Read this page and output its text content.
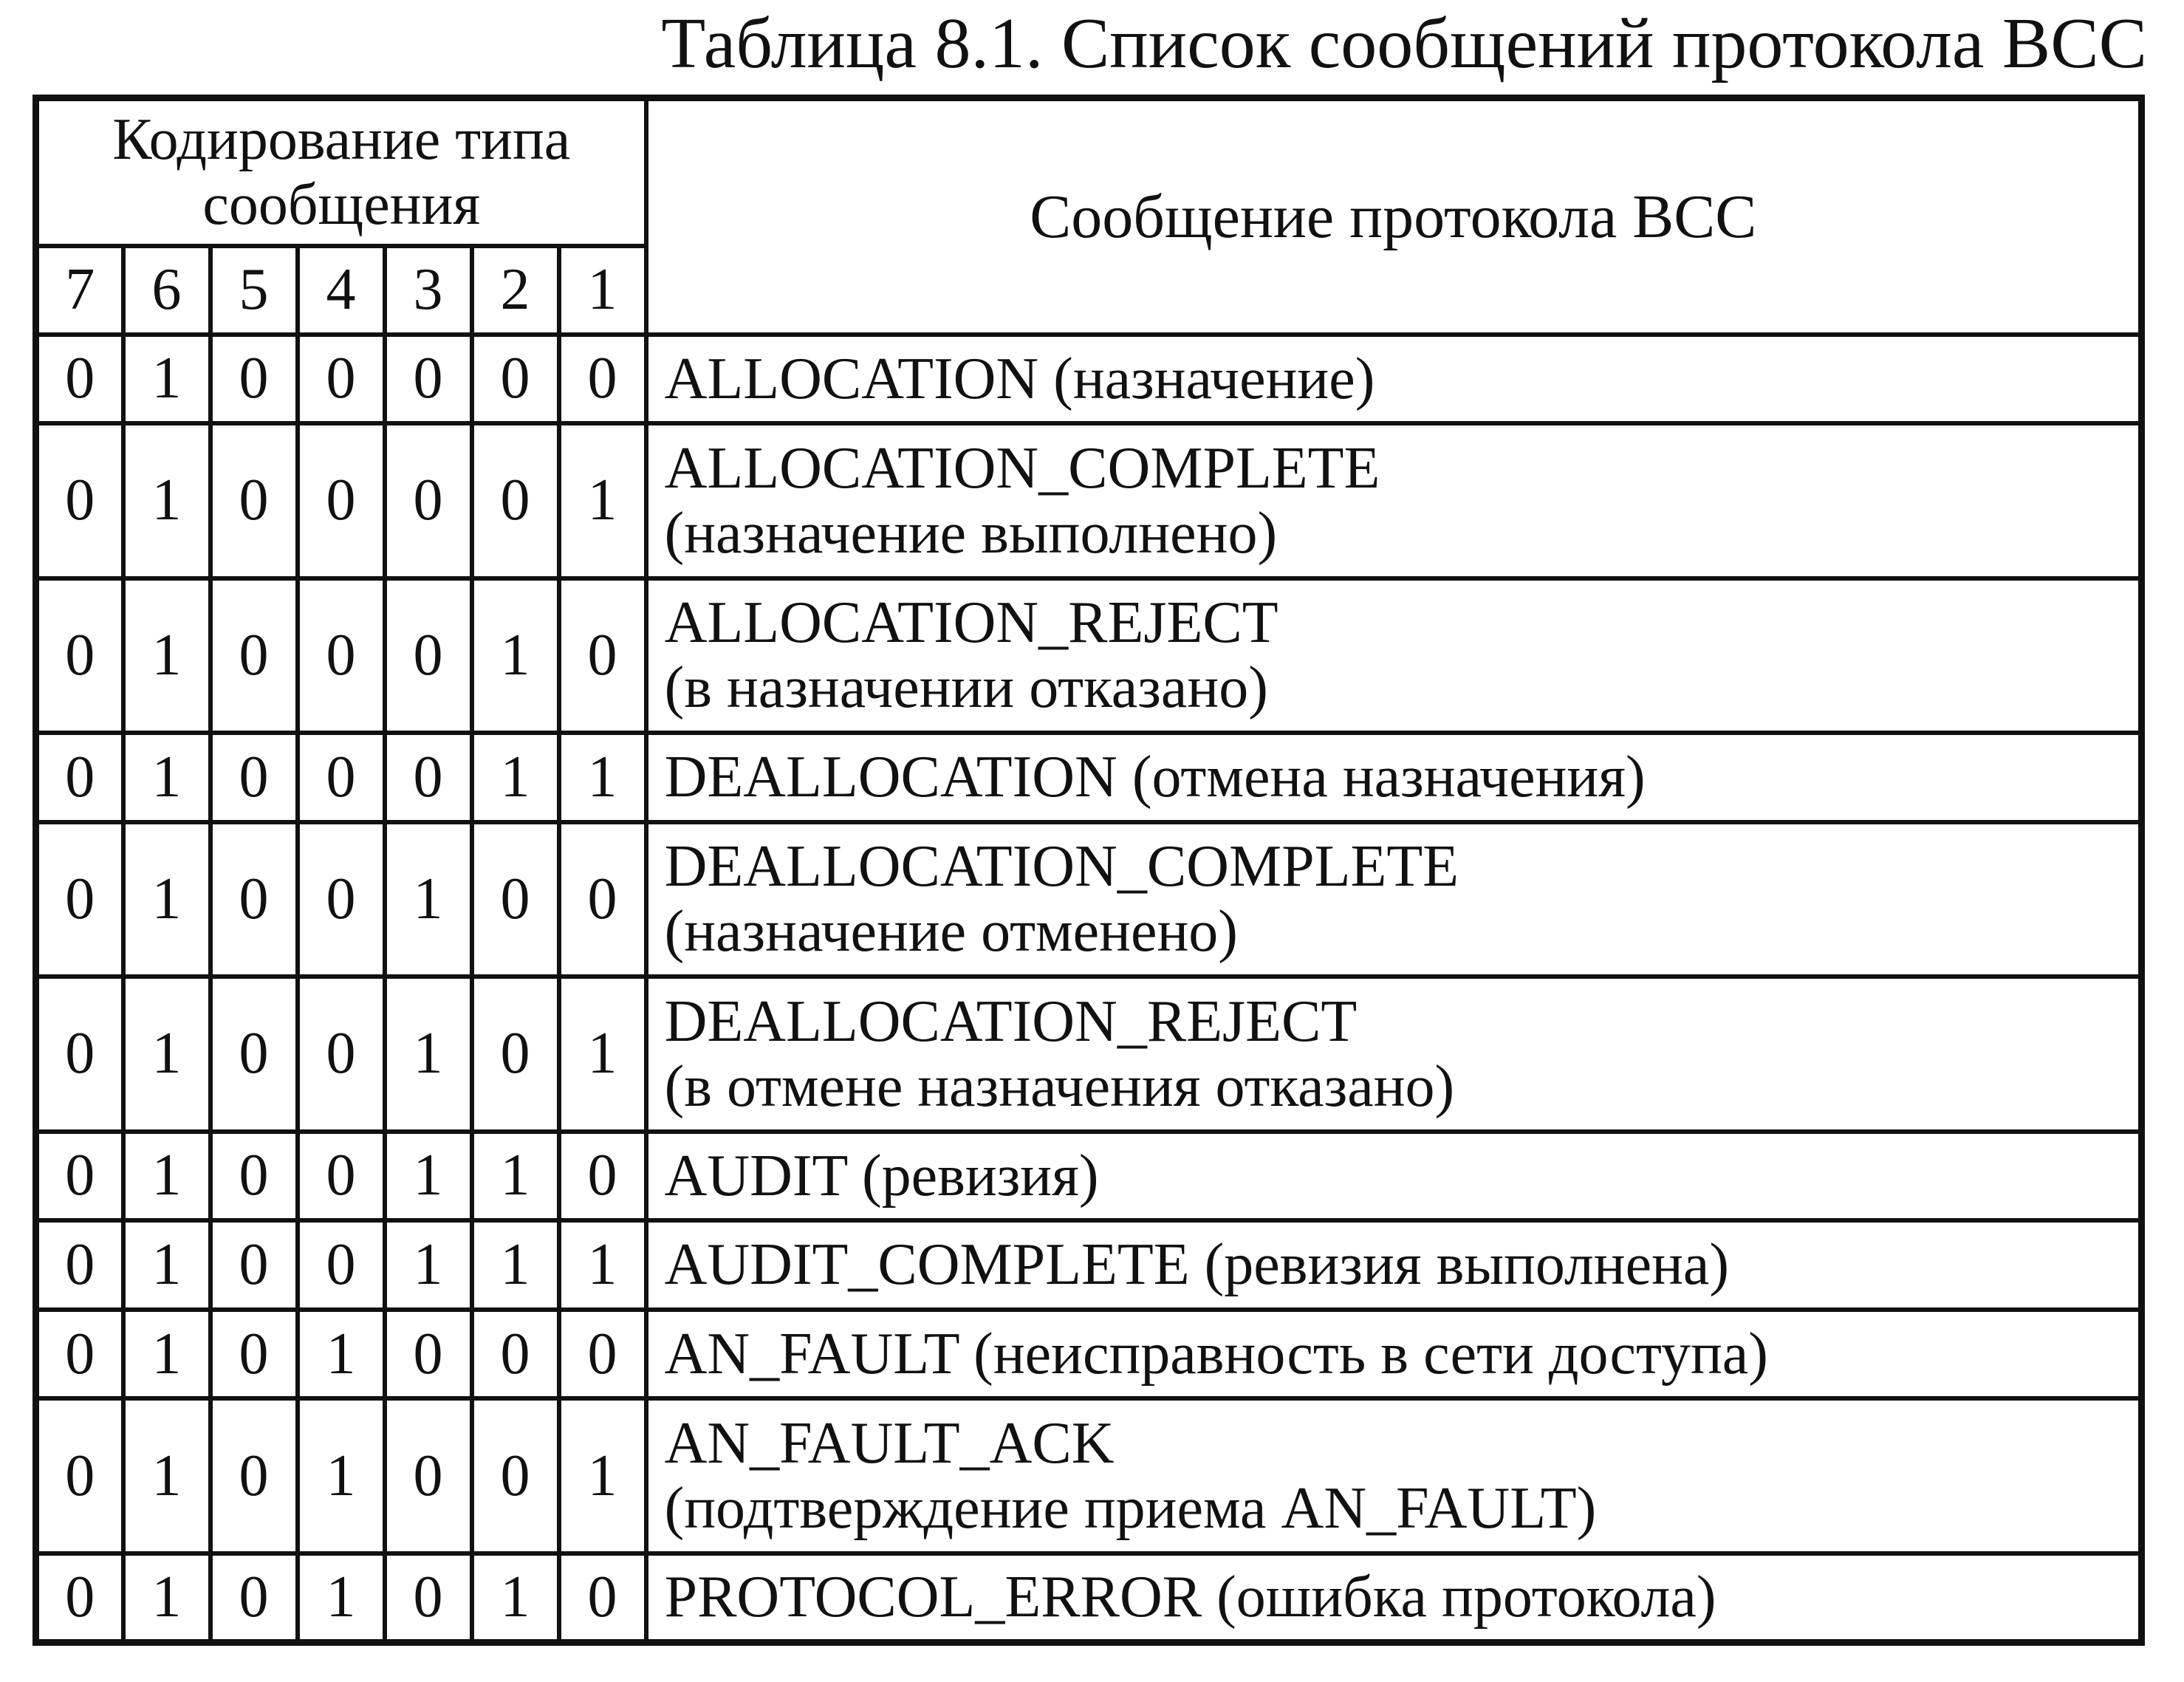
Таблица 8.1. Список сообщений протокола ВСС
Кодирование типа сообщения							Сообщение протокола ВСС
7	6	5	4	3	2	1	
0	1	0	0	0	0	0	ALLOCATION (назначение)

0	1	0	0	0	0	1	ALLOCATION_COMPLETE
(назначение выполнено)

0	1	0	0	0	1	0	ALLOCATION_REJECT
(в назначении отказано)

0	1	0	0	0	1	1	DEALLOCATION (отмена назначения)

0	1	0	0	1	0	0	DEALLOCATION_COMPLETE
(назначение отменено)

0	1	0	0	1	0	1	DEALLOCATION_REJECT
(в отмене назначения отказано)

0	1	0	0	1	1	0	AUDIT (ревизия)

0	1	0	0	1	1	1	AUDIT_COMPLETE (ревизия выполнена)

0	1	0	1	0	0	0	AN_FAULT (неисправность в сети доступа)

0	1	0	1	0	0	1	AN_FAULT_ACK
(подтверждение приема AN_FAULT)

0	1	0	1	0	1	0	PROTOCOL_ERROR (ошибка протокола)
